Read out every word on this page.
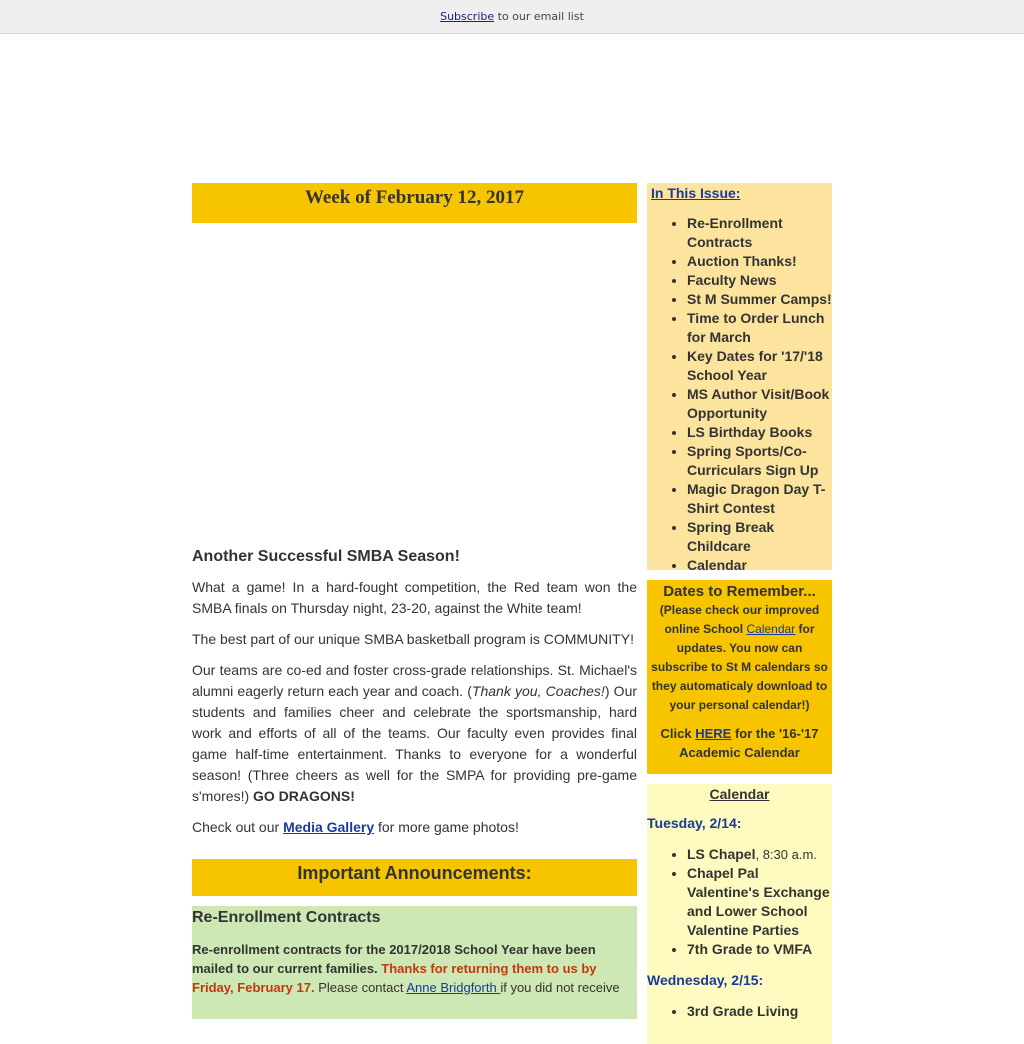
Subscribe to our email list
Week of February 12, 2017
Another Successful SMBA Season!

What a game! In a hard-fought competition, the Red team won the SMBA finals on Thursday night, 23-20, against the White team!

The best part of our unique SMBA basketball program is COMMUNITY!

Our teams are co-ed and foster cross-grade relationships. St. Michael's alumni eagerly return each year and coach. (Thank you, Coaches!) Our students and families cheer and celebrate the sportsmanship, hard work and efforts of all of the teams. Our faculty even provides final game half-time entertainment. Thanks to everyone for a wonderful season! (Three cheers as well for the SMPA for providing pre-game s'mores!) GO DRAGONS!

Check out our Media Gallery for more game photos!

Important Announcements:
Re-Enrollment Contracts

Re-enrollment contracts for the 2017/2018 School Year have been mailed to our current families. Thanks for returning them to us by Friday, February 17. Please contact Anne Bridgforth if you did not receive

In This Issue:
• Re-Enrollment Contracts
• Auction Thanks!
• Faculty News
• St M Summer Camps!
• Time to Order Lunch for March
• Key Dates for '17/'18 School Year
• MS Author Visit/Book Opportunity
• LS Birthday Books
• Spring Sports/Co-Curriculars Sign Up
• Magic Dragon Day T-Shirt Contest
• Spring Break Childcare
• Calendar
Dates to Remember...
(Please check our improved online School Calendar for updates. You now can subscribe to St M calendars so they automaticaly download to your personal calendar!)
Click HERE for the '16-'17 Academic Calendar
Calendar
Tuesday, 2/14:
• LS Chapel, 8:30 a.m.
• Chapel Pal Valentine's Exchange and Lower School Valentine Parties
• 7th Grade to VMFA
Wednesday, 2/15:
• 3rd Grade Living
